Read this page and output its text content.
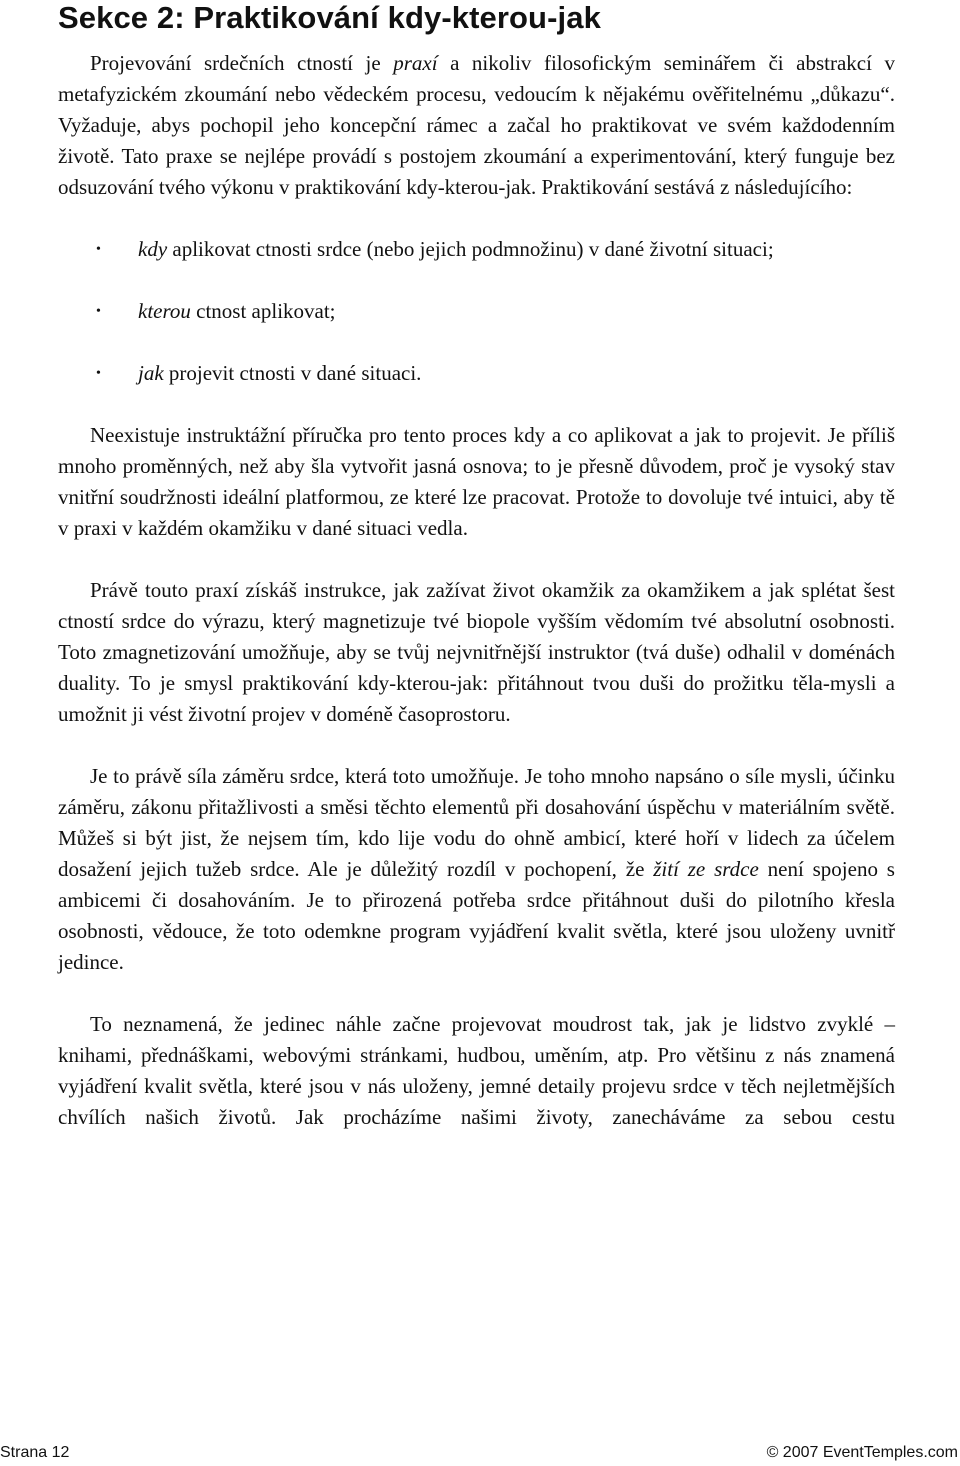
Sekce 2: Praktikování kdy-kterou-jak

Projevování srdečních ctností je praxí a nikoliv filosofickým seminářem či abstrakcí v metafyzickém zkoumání nebo vědeckém procesu, vedoucím k nějakému ověřitelnému „důkazu“. Vyžaduje, abys pochopil jeho koncepční rámec a začal ho praktikovat ve svém každodenním životě. Tato praxe se nejlépe provádí s postojem zkoumání a experimentování, který funguje bez odsuzování tvého výkonu v praktikování kdy-kterou-jak. Praktikování sestává z následujícího:

• kdy aplikovat ctnosti srdce (nebo jejich podmnožinu) v dané životní situaci;
• kterou ctnost aplikovat;
• jak projevit ctnosti v dané situaci.

Neexistuje instruktážní příručka pro tento proces kdy a co aplikovat a jak to projevit. Je příliš mnoho proměnných, než aby šla vytvořit jasná osnova; to je přesně důvodem, proč je vysoký stav vnitřní soudržnosti ideální platformou, ze které lze pracovat. Protože to dovoluje tvé intuici, aby tě v praxi v každém okamžiku v dané situaci vedla.

Právě touto praxí získáš instrukce, jak zažívat život okamžik za okamžikem a jak splétat šest ctností srdce do výrazu, který magnetizuje tvé biopole vyšším vědomím tvé absolutní osobnosti. Toto zmagnetizování umožňuje, aby se tvůj nejvnitřnější instruktor (tvá duše) odhalil v doménách duality. To je smysl praktikování kdy-kterou-jak: přitáhnout tvou duši do prožitku těla-mysli a umožnit ji vést životní projev v doméně časoprostoru.

Je to právě síla záměru srdce, která toto umožňuje. Je toho mnoho napsáno o síle mysli, účinku záměru, zákonu přitažlivosti a směsi těchto elementů při dosahování úspěchu v materiálním světě. Můžeš si být jist, že nejsem tím, kdo lije vodu do ohně ambicí, které hoří v lidech za účelem dosažení jejich tužeb srdce. Ale je důležitý rozdíl v pochopení, že žití ze srdce není spojeno s ambicemi či dosahováním. Je to přirozená potřeba srdce přitáhnout duši do pilotního křesla osobnosti, vědouce, že toto odemkne program vyjádření kvalit světla, které jsou uloženy uvnitř jedince.

To neznamená, že jedinec náhle začne projevovat moudrost tak, jak je lidstvo zvyklé – knihami, přednáškami, webovými stránkami, hudbou, uměním, atp. Pro většinu z nás znamená vyjádření kvalit světla, které jsou v nás uloženy, jemné detaily projevu srdce v těch nejletmějších chvílích našich životů. Jak procházíme našimi životy, zanecháváme za sebou cestu

Strana 12	© 2007 EventTemples.com
